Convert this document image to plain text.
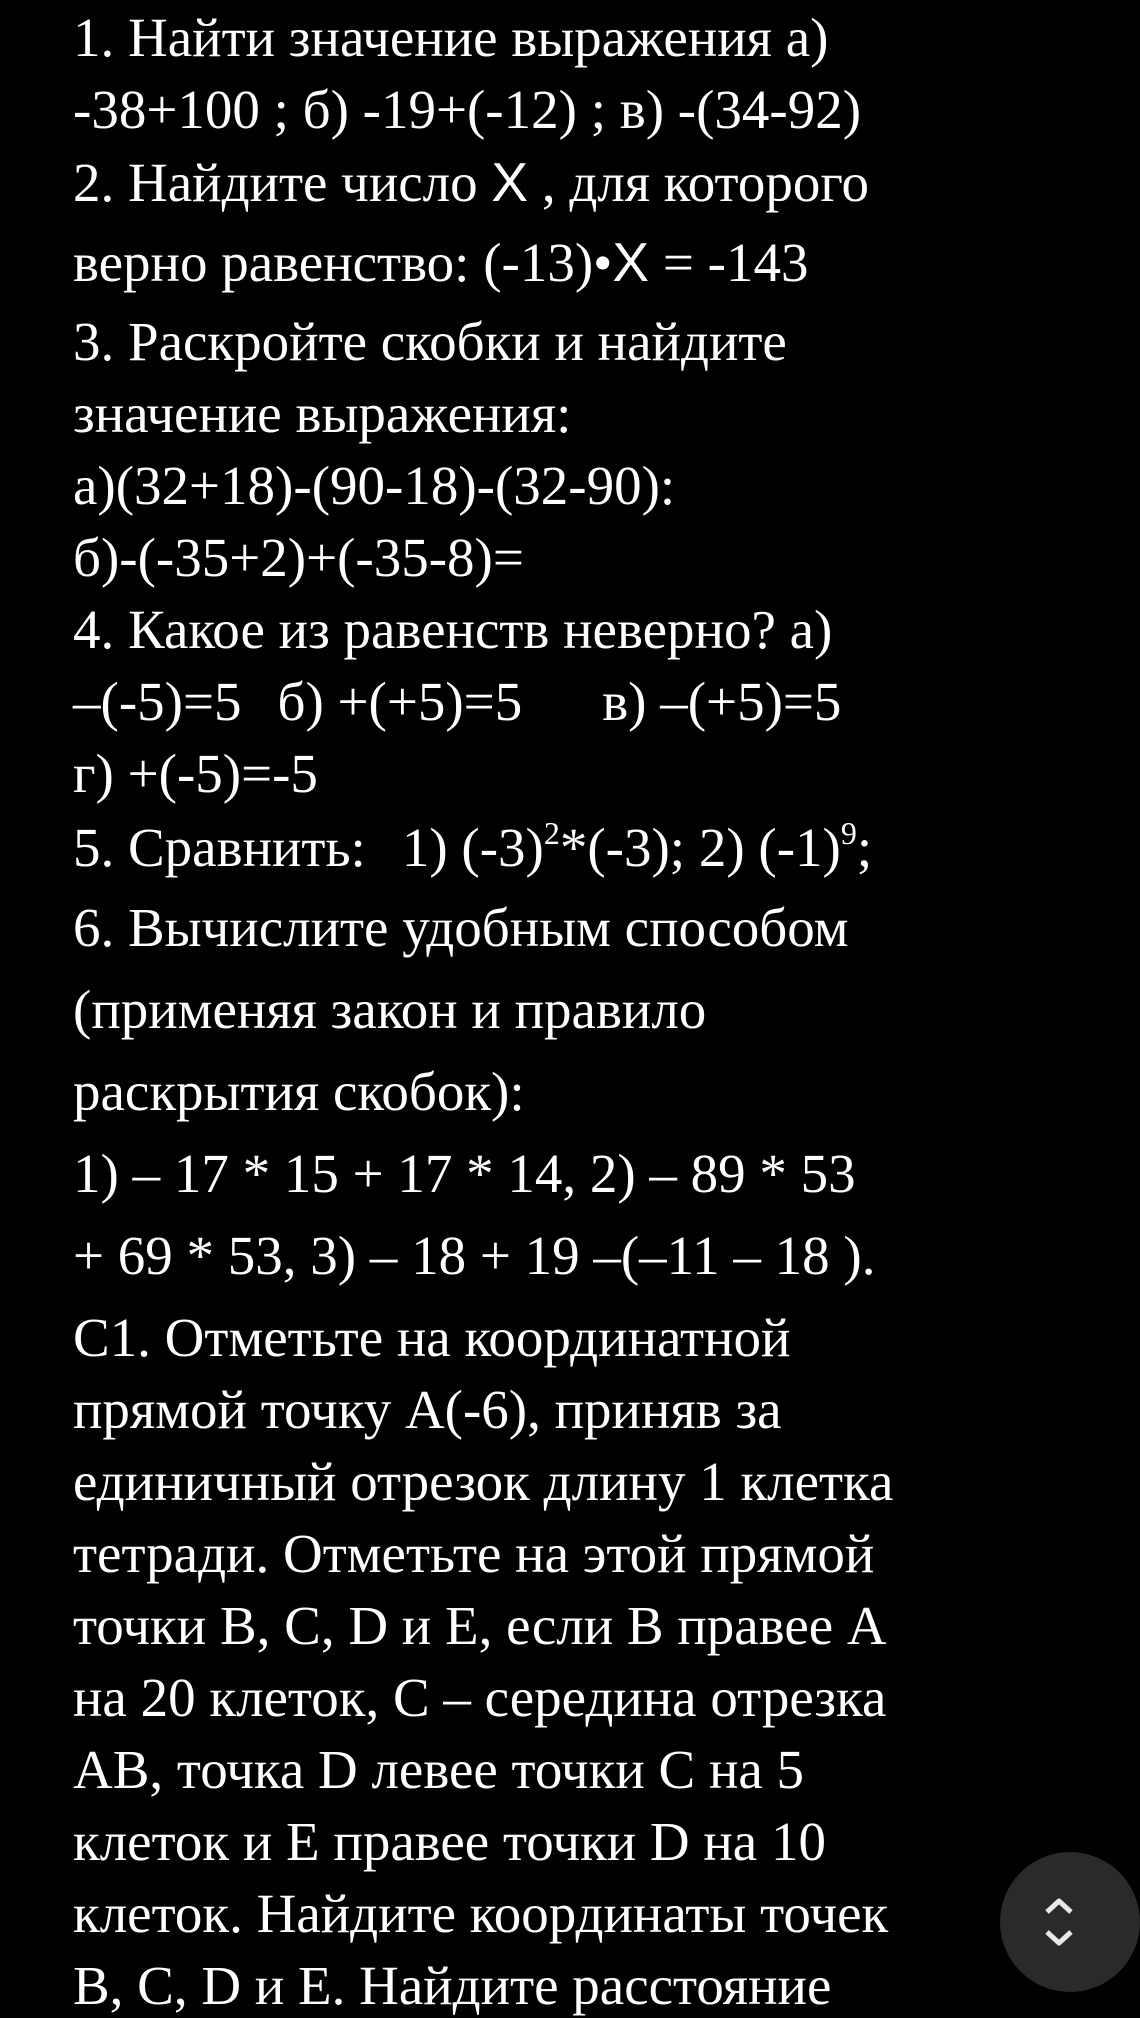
1. Найти значение выражения а)
-38+100 ; б) -19+(-12) ; в) -(34-92)
2. Найдите число X , для которого
верно равенство: (-13)•X = -143
3. Раскройте скобки и найдите
значение выражения:
а)(32+18)-(90-18)-(32-90):
б)-(-35+2)+(-35-8)=
4. Какое из равенств неверно? а)
–(-5)=5 б) +(+5)=5 в) –(+5)=5
г) +(-5)=-5
5. Сравнить: 1) $(-3)^2*(-3)$; 2) $(-1)^9$;
6. Вычислите удобным способом
(применяя закон и правило
раскрытия скобок):
1) – 17 * 15 + 17 * 14, 2) – 89 * 53
+ 69 * 53, 3) – 18 + 19 –(–11 – 18 ).
С1. Отметьте на координатной
прямой точку А(-6), приняв за
единичный отрезок длину 1 клетка
тетради. Отметьте на этой прямой
точки В, С, D и Е, если В правее А
на 20 клеток, С – середина отрезка
АВ, точка D левее точки С на 5
клеток и Е правее точки D на 10
клеток. Найдите координаты точек
В, С, D и Е. Найдите расстояние
